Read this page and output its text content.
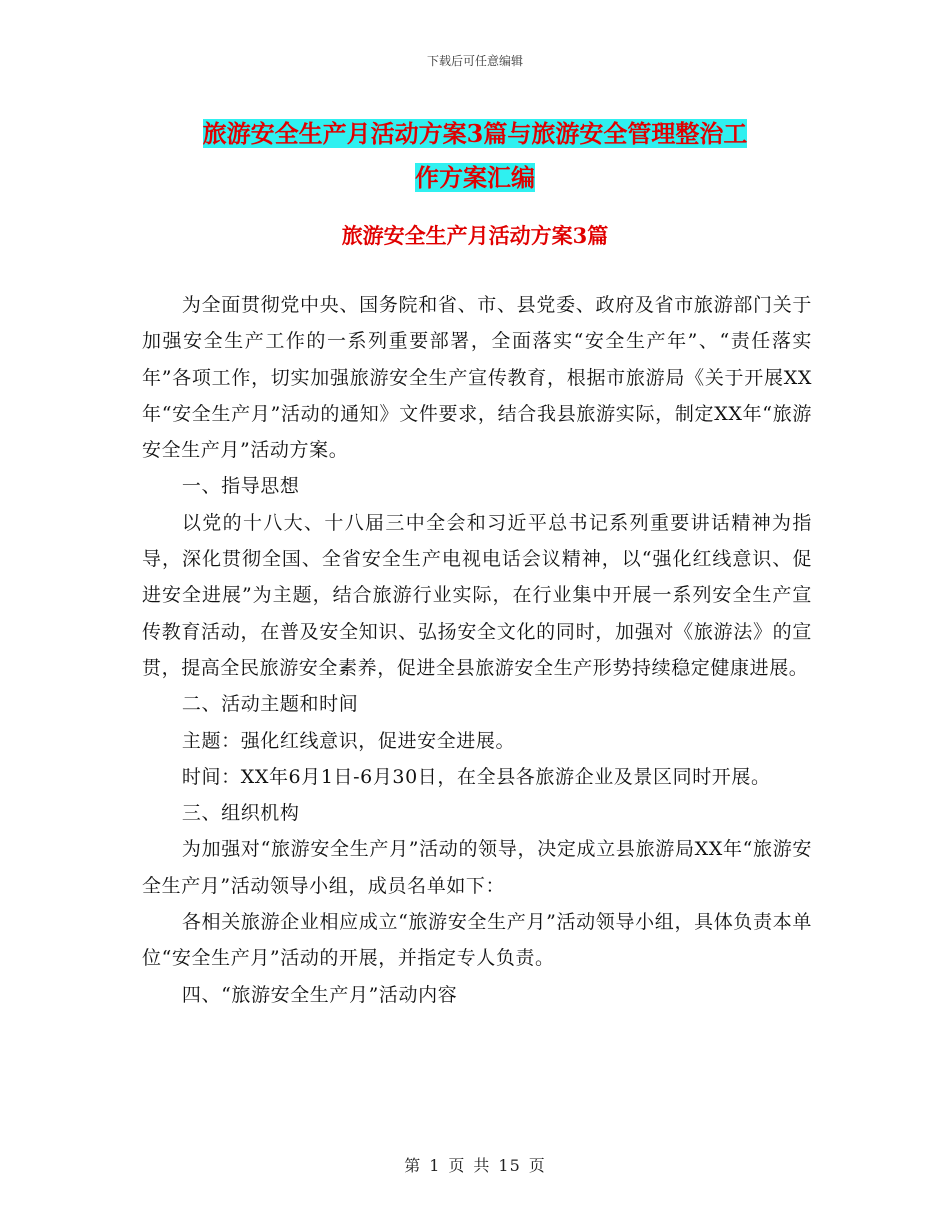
下载后可任意编辑
旅游安全生产月活动方案3篇与旅游安全管理整治工
作方案汇编
旅游安全生产月活动方案3篇

为全面贯彻党中央、国务院和省、市、县党委、政府及省市旅游部门关于加强安全生产工作的一系列重要部署，全面落实“安全生产年”、“责任落实年”各项工作，切实加强旅游安全生产宣传教育，根据市旅游局《关于开展XX年“安全生产月”活动的通知》文件要求，结合我县旅游实际，制定XX年“旅游安全生产月”活动方案。

一、指导思想

以党的十八大、十八届三中全会和习近平总书记系列重要讲话精神为指导，深化贯彻全国、全省安全生产电视电话会议精神，以“强化红线意识、促进安全进展”为主题，结合旅游行业实际，在行业集中开展一系列安全生产宣传教育活动，在普及安全知识、弘扬安全文化的同时，加强对《旅游法》的宣贯，提高全民旅游安全素养，促进全县旅游安全生产形势持续稳定健康进展。

二、活动主题和时间

主题：强化红线意识，促进安全进展。

时间：XX年6月1日-6月30日，在全县各旅游企业及景区同时开展。

三、组织机构

为加强对“旅游安全生产月”活动的领导，决定成立县旅游局XX年“旅游安全生产月”活动领导小组，成员名单如下：

各相关旅游企业相应成立“旅游安全生产月”活动领导小组，具体负责本单位“安全生产月”活动的开展，并指定专人负责。

四、“旅游安全生产月”活动内容

第 1 页 共 15 页
